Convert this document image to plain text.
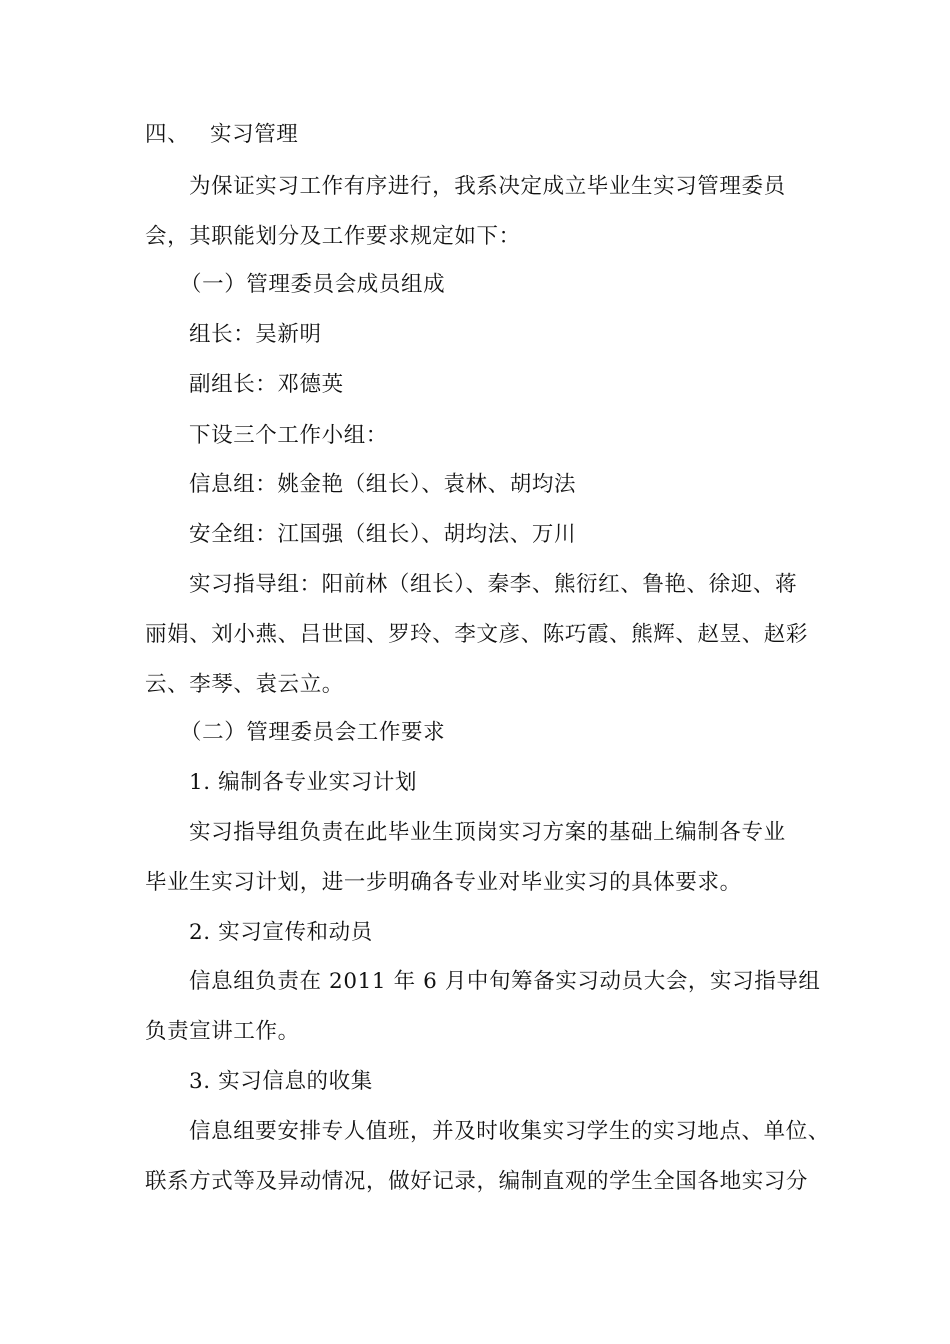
四、 实习管理
为保证实习工作有序进行，我系决定成立毕业生实习管理委员
会，其职能划分及工作要求规定如下：
（一）管理委员会成员组成
组长：吴新明
副组长：邓德英
下设三个工作小组：
信息组：姚金艳（组长）、袁林、胡均法
安全组：江国强（组长）、胡均法、万川
实习指导组：阳前林（组长）、秦李、熊衍红、鲁艳、徐迎、蒋
丽娟、刘小燕、吕世国、罗玲、李文彦、陈巧霞、熊辉、赵昱、赵彩
云、李琴、袁云立。
（二）管理委员会工作要求
1. 编制各专业实习计划
实习指导组负责在此毕业生顶岗实习方案的基础上编制各专业
毕业生实习计划，进一步明确各专业对毕业实习的具体要求。
2. 实习宣传和动员
信息组负责在 2011 年 6 月中旬筹备实习动员大会，实习指导组
负责宣讲工作。
3. 实习信息的收集
信息组要安排专人值班，并及时收集实习学生的实习地点、单位、
联系方式等及异动情况，做好记录，编制直观的学生全国各地实习分
